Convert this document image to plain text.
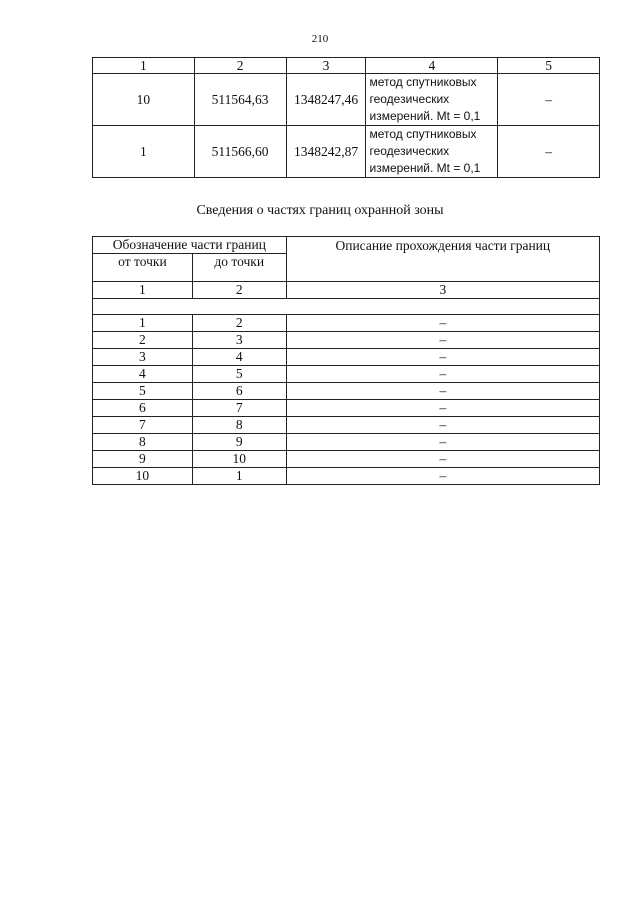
210
1	2	3	4	5
10	511564,63	1348247,46	метод спутниковых
геодезических
измерений. Mt = 0,1	–
1	511566,60	1348242,87	метод спутниковых
геодезических
измерений. Mt = 0,1	–
Сведения о частях границ охранной зоны
Обозначение части границ		Описание прохождения части границ
от точки	до точки	
1	2	3

1	2	–
2	3	–
3	4	–
4	5	–
5	6	–
6	7	–
7	8	–
8	9	–
9	10	–
10	1	–
